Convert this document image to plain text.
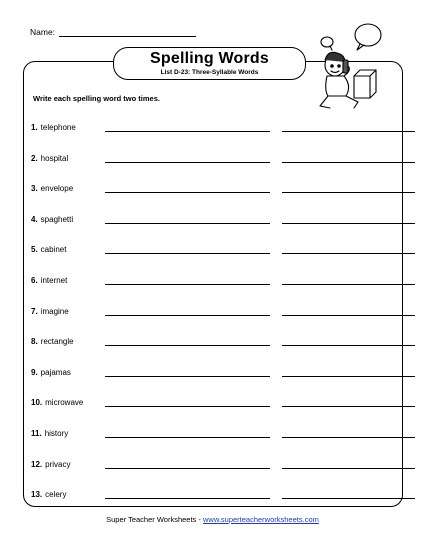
Name:
Spelling Words
List D-23: Three-Syllable Words
Write each spelling word two times.
1. telephone
2. hospital
3. envelope
4. spaghetti
5. cabinet
6. internet
7. imagine
8. rectangle
9. pajamas
10. microwave
11. history
12. privacy
13. celery
Super Teacher Worksheets - www.superteacherworksheets.com
